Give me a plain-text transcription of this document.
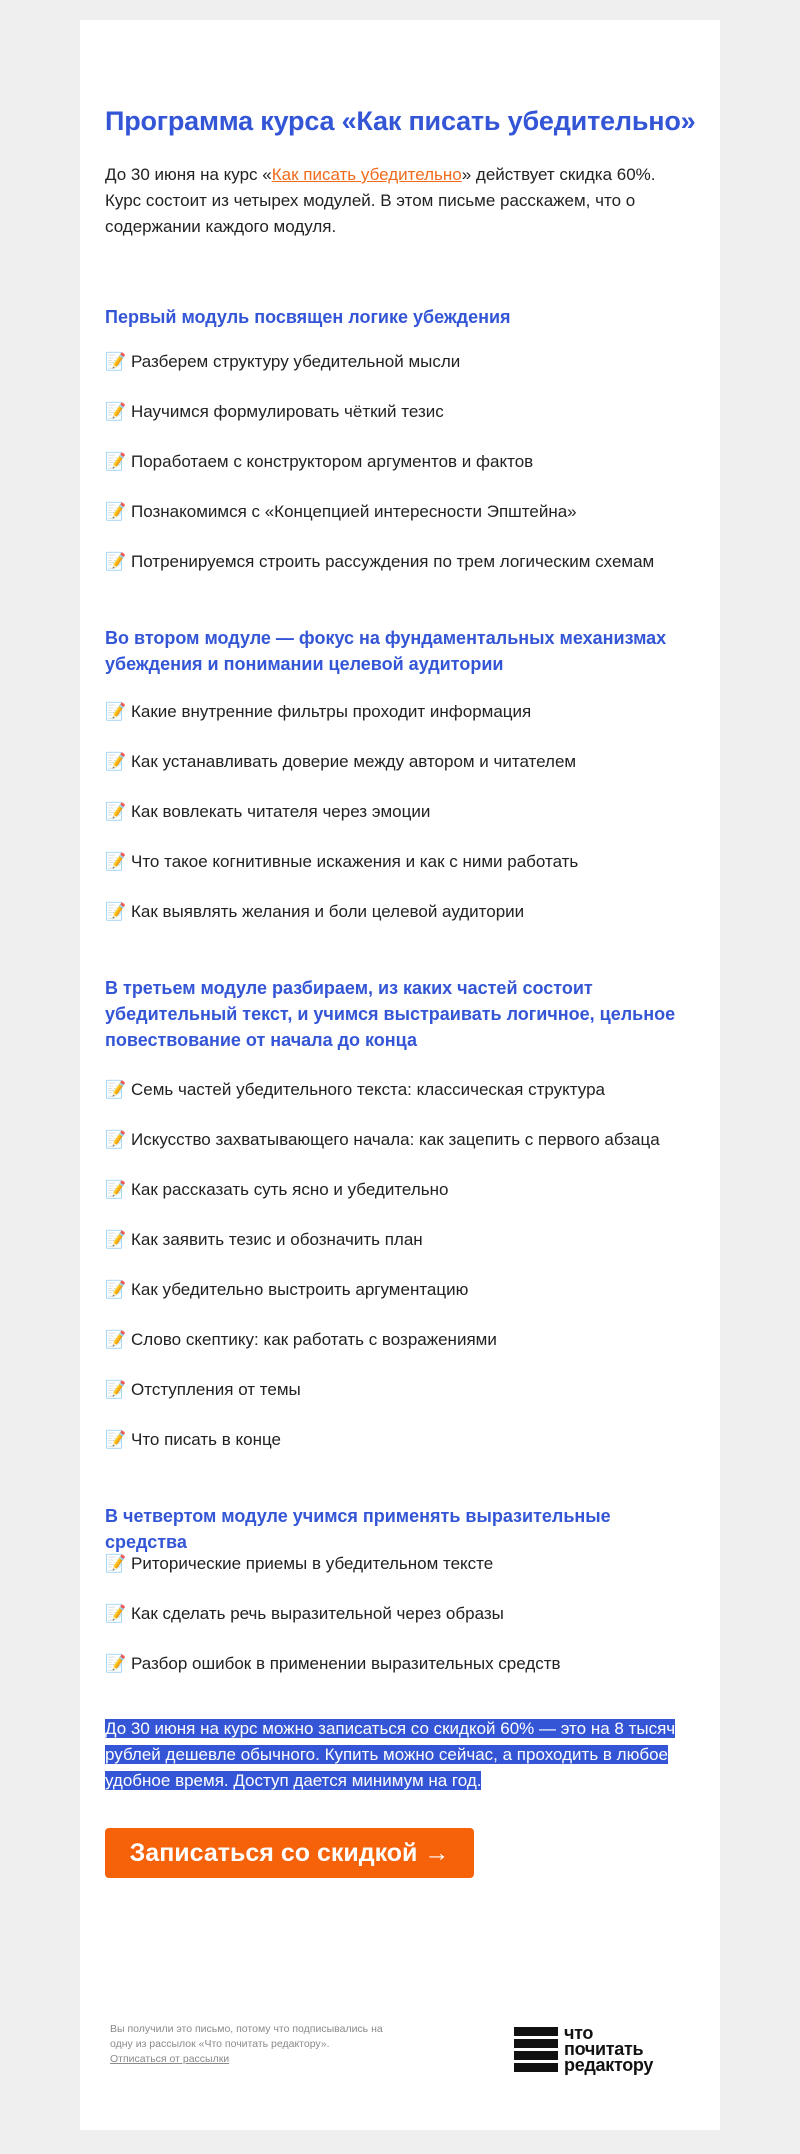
Программа курса «Как писать убедительно»

До 30 июня на курс «Как писать убедительно» действует скидка 60%. Курс состоит из четырех модулей. В этом письме расскажем, что о содержании каждого модуля.

Первый модуль посвящен логике убеждения

📝 Разберем структуру убедительной мысли

📝 Научимся формулировать чёткий тезис

📝 Поработаем с конструктором аргументов и фактов

📝 Познакомимся с «Концепцией интересности Эпштейна»

📝 Потренируемся строить рассуждения по трем логическим схемам

Во втором модуле — фокус на фундаментальных механизмах убеждения и понимании целевой аудитории

📝 Какие внутренние фильтры проходит информация

📝 Как устанавливать доверие между автором и читателем

📝 Как вовлекать читателя через эмоции

📝 Что такое когнитивные искажения и как с ними работать

📝 Как выявлять желания и боли целевой аудитории

В третьем модуле разбираем, из каких частей состоит убедительный текст, и учимся выстраивать логичное, цельное повествование от начала до конца

📝 Семь частей убедительного текста: классическая структура

📝 Искусство захватывающего начала: как зацепить с первого абзаца

📝 Как рассказать суть ясно и убедительно

📝 Как заявить тезис и обозначить план

📝 Как убедительно выстроить аргументацию

📝 Слово скептику: как работать с возражениями

📝 Отступления от темы

📝 Что писать в конце

В четвертом модуле учимся применять выразительные средства

📝 Риторические приемы в убедительном тексте

📝 Как сделать речь выразительной через образы

📝 Разбор ошибок в применении выразительных средств

До 30 июня на курс можно записаться со скидкой 60% — это на 8 тысяч рублей дешевле обычного. Купить можно сейчас, а проходить в любое удобное время. Доступ дается минимум на год.

Записаться со скидкой →
Вы получили это письмо, потому что подписывались на одну из рассылок «Что почитать редактору».
Отписаться от рассылки
что
почитать
редактору
